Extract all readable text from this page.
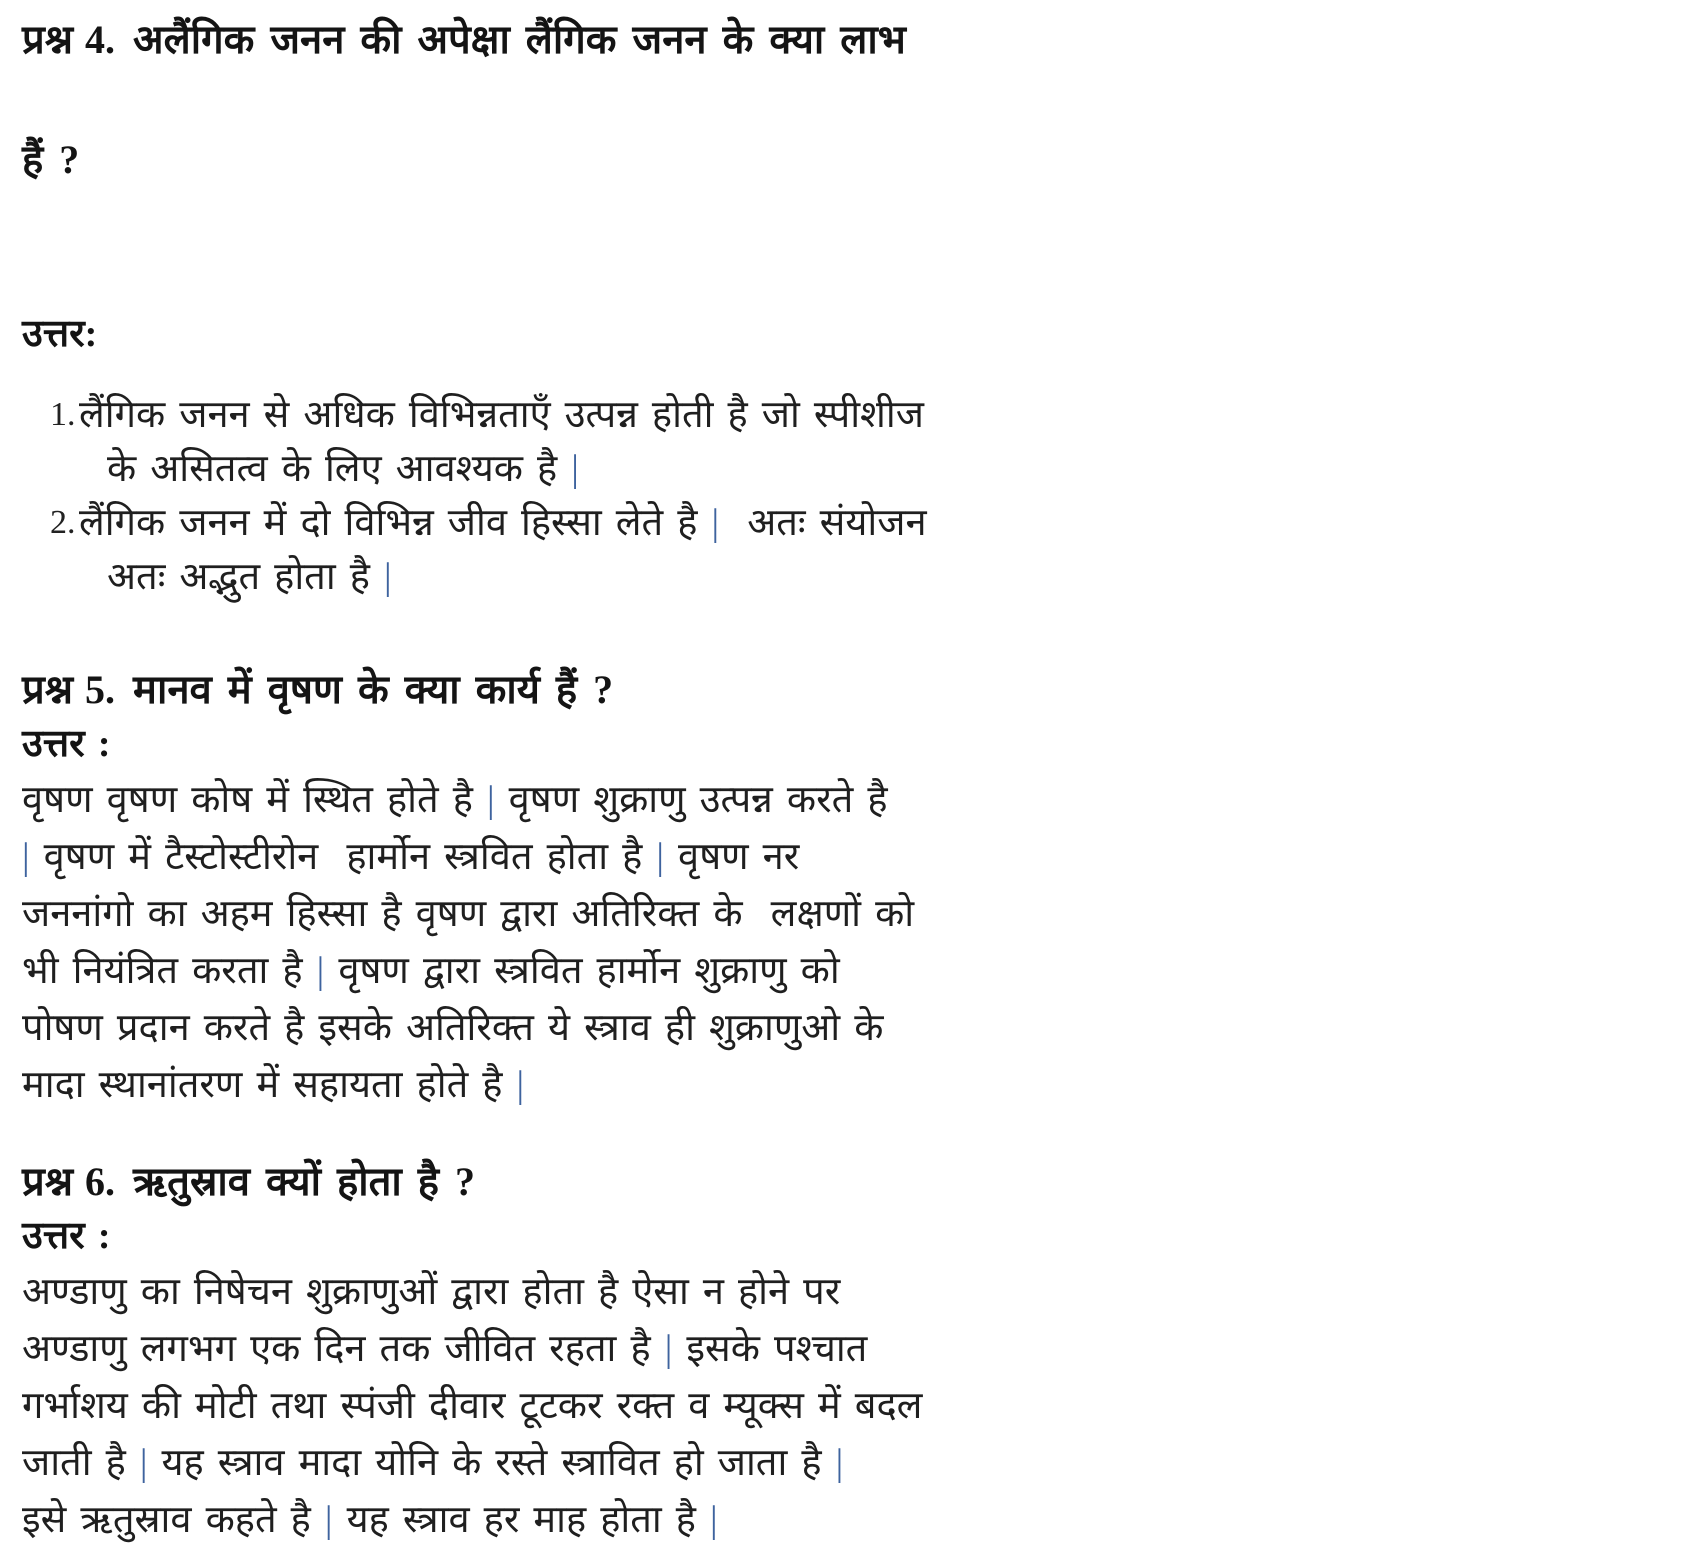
प्रश्न 4. अलैंगिक जनन की अपेक्षा लैंगिक जनन के क्या लाभ

हैं ?

उत्तर:

1. लैंगिक जनन से अधिक विभिन्नताएँ उत्पन्न होती है जो स्पीशीज
के असितत्व के लिए आवश्यक है |
2. लैंगिक जनन में दो विभिन्न जीव हिस्सा लेते है |  अतः संयोजन
अतः अद्भुत होता है |
प्रश्न 5. मानव में वृषण के क्या कार्य हैं ?

उत्तर :

वृषण वृषण कोष में स्थित होते है | वृषण शुक्राणु उत्पन्न करते है
| वृषण में टैस्टोस्टीरोन  हार्मोन स्त्रवित होता है | वृषण नर
जननांगो का अहम हिस्सा है वृषण द्वारा अतिरिक्त के  लक्षणों को
भी नियंत्रित करता है | वृषण द्वारा स्त्रवित हार्मोन शुक्राणु को
पोषण प्रदान करते है इसके अतिरिक्त ये स्त्राव ही शुक्राणुओ के
मादा स्थानांतरण में सहायता होते है |
प्रश्न 6. ऋतुस्राव क्यों होता है ?

उत्तर :

अण्डाणु का निषेचन शुक्राणुओं द्वारा होता है ऐसा न होने पर
अण्डाणु लगभग एक दिन तक जीवित रहता है | इसके पश्चात
गर्भाशय की मोटी तथा स्पंजी दीवार टूटकर रक्त व म्यूक्स में बदल
जाती है | यह स्त्राव मादा योनि के रस्ते स्त्रावित हो जाता है |
इसे ऋतुस्राव कहते है | यह स्त्राव हर माह होता है |
